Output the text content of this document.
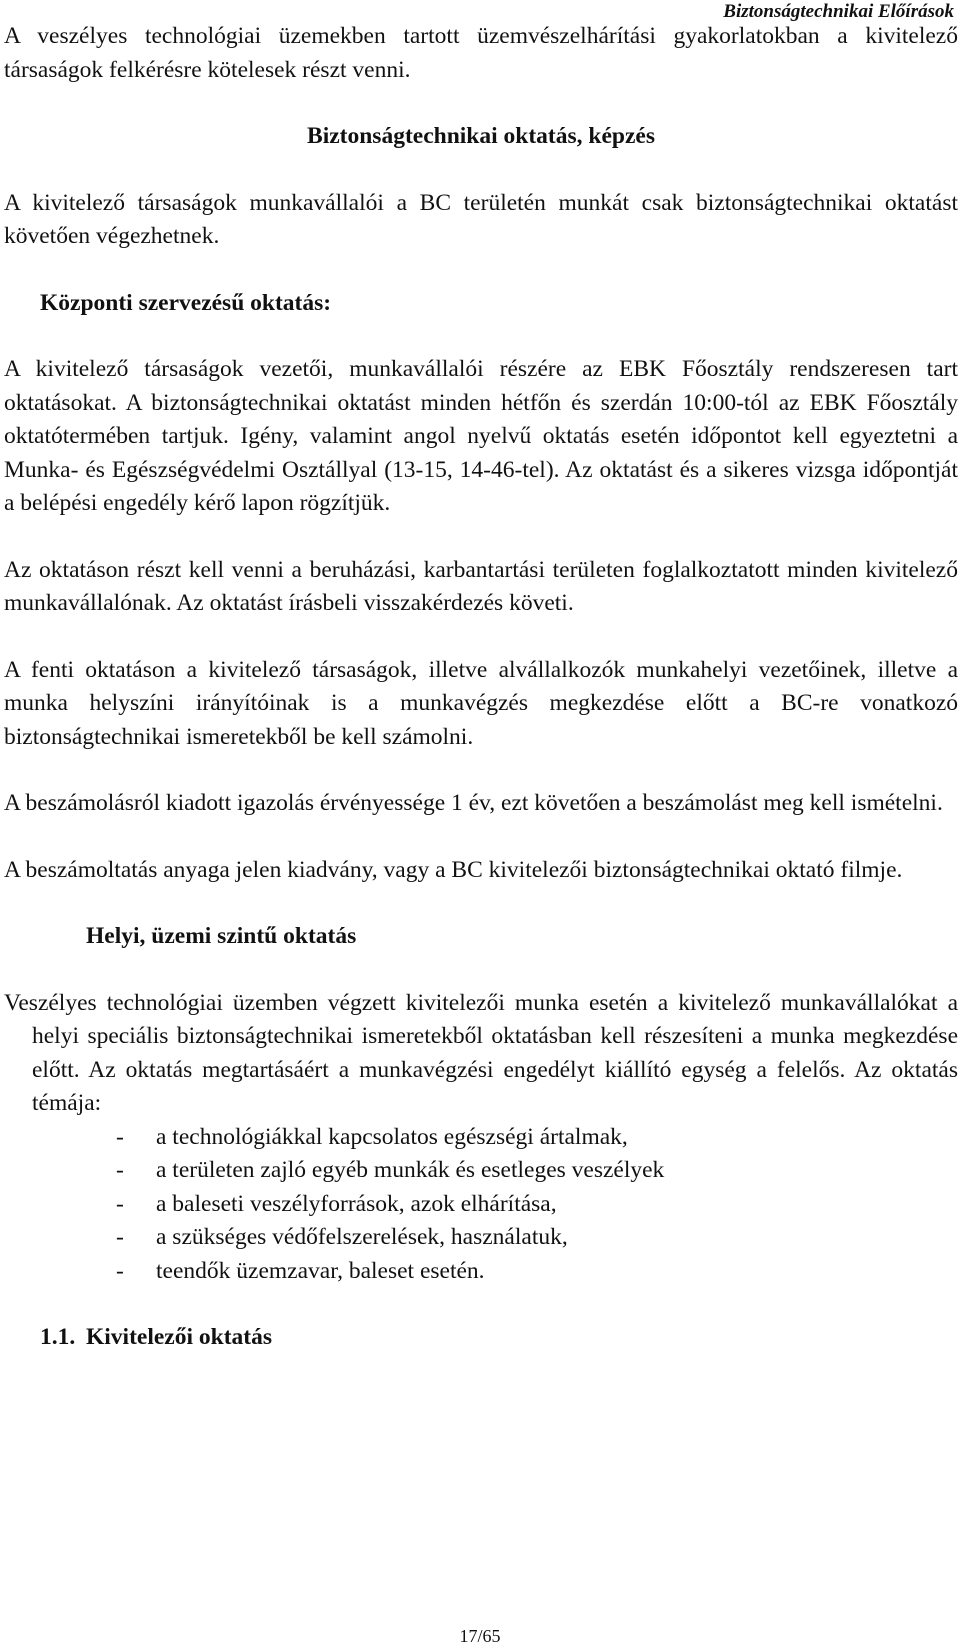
Biztonságtechnikai Előírások

A veszélyes technológiai üzemekben tartott üzemvészelhárítási gyakorlatokban a kivitelező társaságok felkérésre kötelesek részt venni.

Biztonságtechnikai oktatás, képzés

A kivitelező társaságok munkavállalói a BC területén munkát csak biztonságtechnikai oktatást követően végezhetnek.

Központi szervezésű oktatás:

A kivitelező társaságok vezetői, munkavállalói részére az EBK Főosztály rendszeresen tart oktatásokat. A biztonságtechnikai oktatást minden hétfőn és szerdán 10:00-tól az EBK Főosztály oktatótermében tartjuk. Igény, valamint angol nyelvű oktatás esetén időpontot kell egyeztetni a Munka- és Egészségvédelmi Osztállyal (13-15, 14-46-tel). Az oktatást és a sikeres vizsga időpontját a belépési engedély kérő lapon rögzítjük.

Az oktatáson részt kell venni a beruházási, karbantartási területen foglalkoztatott minden kivitelező munkavállalónak. Az oktatást írásbeli visszakérdezés követi.

A fenti oktatáson a kivitelező társaságok, illetve alvállalkozók munkahelyi vezetőinek, illetve a munka helyszíni irányítóinak is a munkavégzés megkezdése előtt a BC-re vonatkozó biztonságtechnikai ismeretekből be kell számolni.

A beszámolásról kiadott igazolás érvényessége 1 év, ezt követően a beszámolást meg kell ismételni.

A beszámoltatás anyaga jelen kiadvány, vagy a BC kivitelezői biztonságtechnikai oktató filmje.

Helyi, üzemi szintű oktatás

Veszélyes technológiai üzemben végzett kivitelezői munka esetén a kivitelező munkavállalókat a helyi speciális biztonságtechnikai ismeretekből oktatásban kell részesíteni a munka megkezdése előtt. Az oktatás megtartásáért a munkavégzési engedélyt kiállító egység a felelős. Az oktatás témája:

- a technológiákkal kapcsolatos egészségi ártalmak,
- a területen zajló egyéb munkák és esetleges veszélyek
- a baleseti veszélyforrások, azok elhárítása,
- a szükséges védőfelszerelések, használatuk,
- teendők üzemzavar, baleset esetén.

1.1. Kivitelezői oktatás

17/65
